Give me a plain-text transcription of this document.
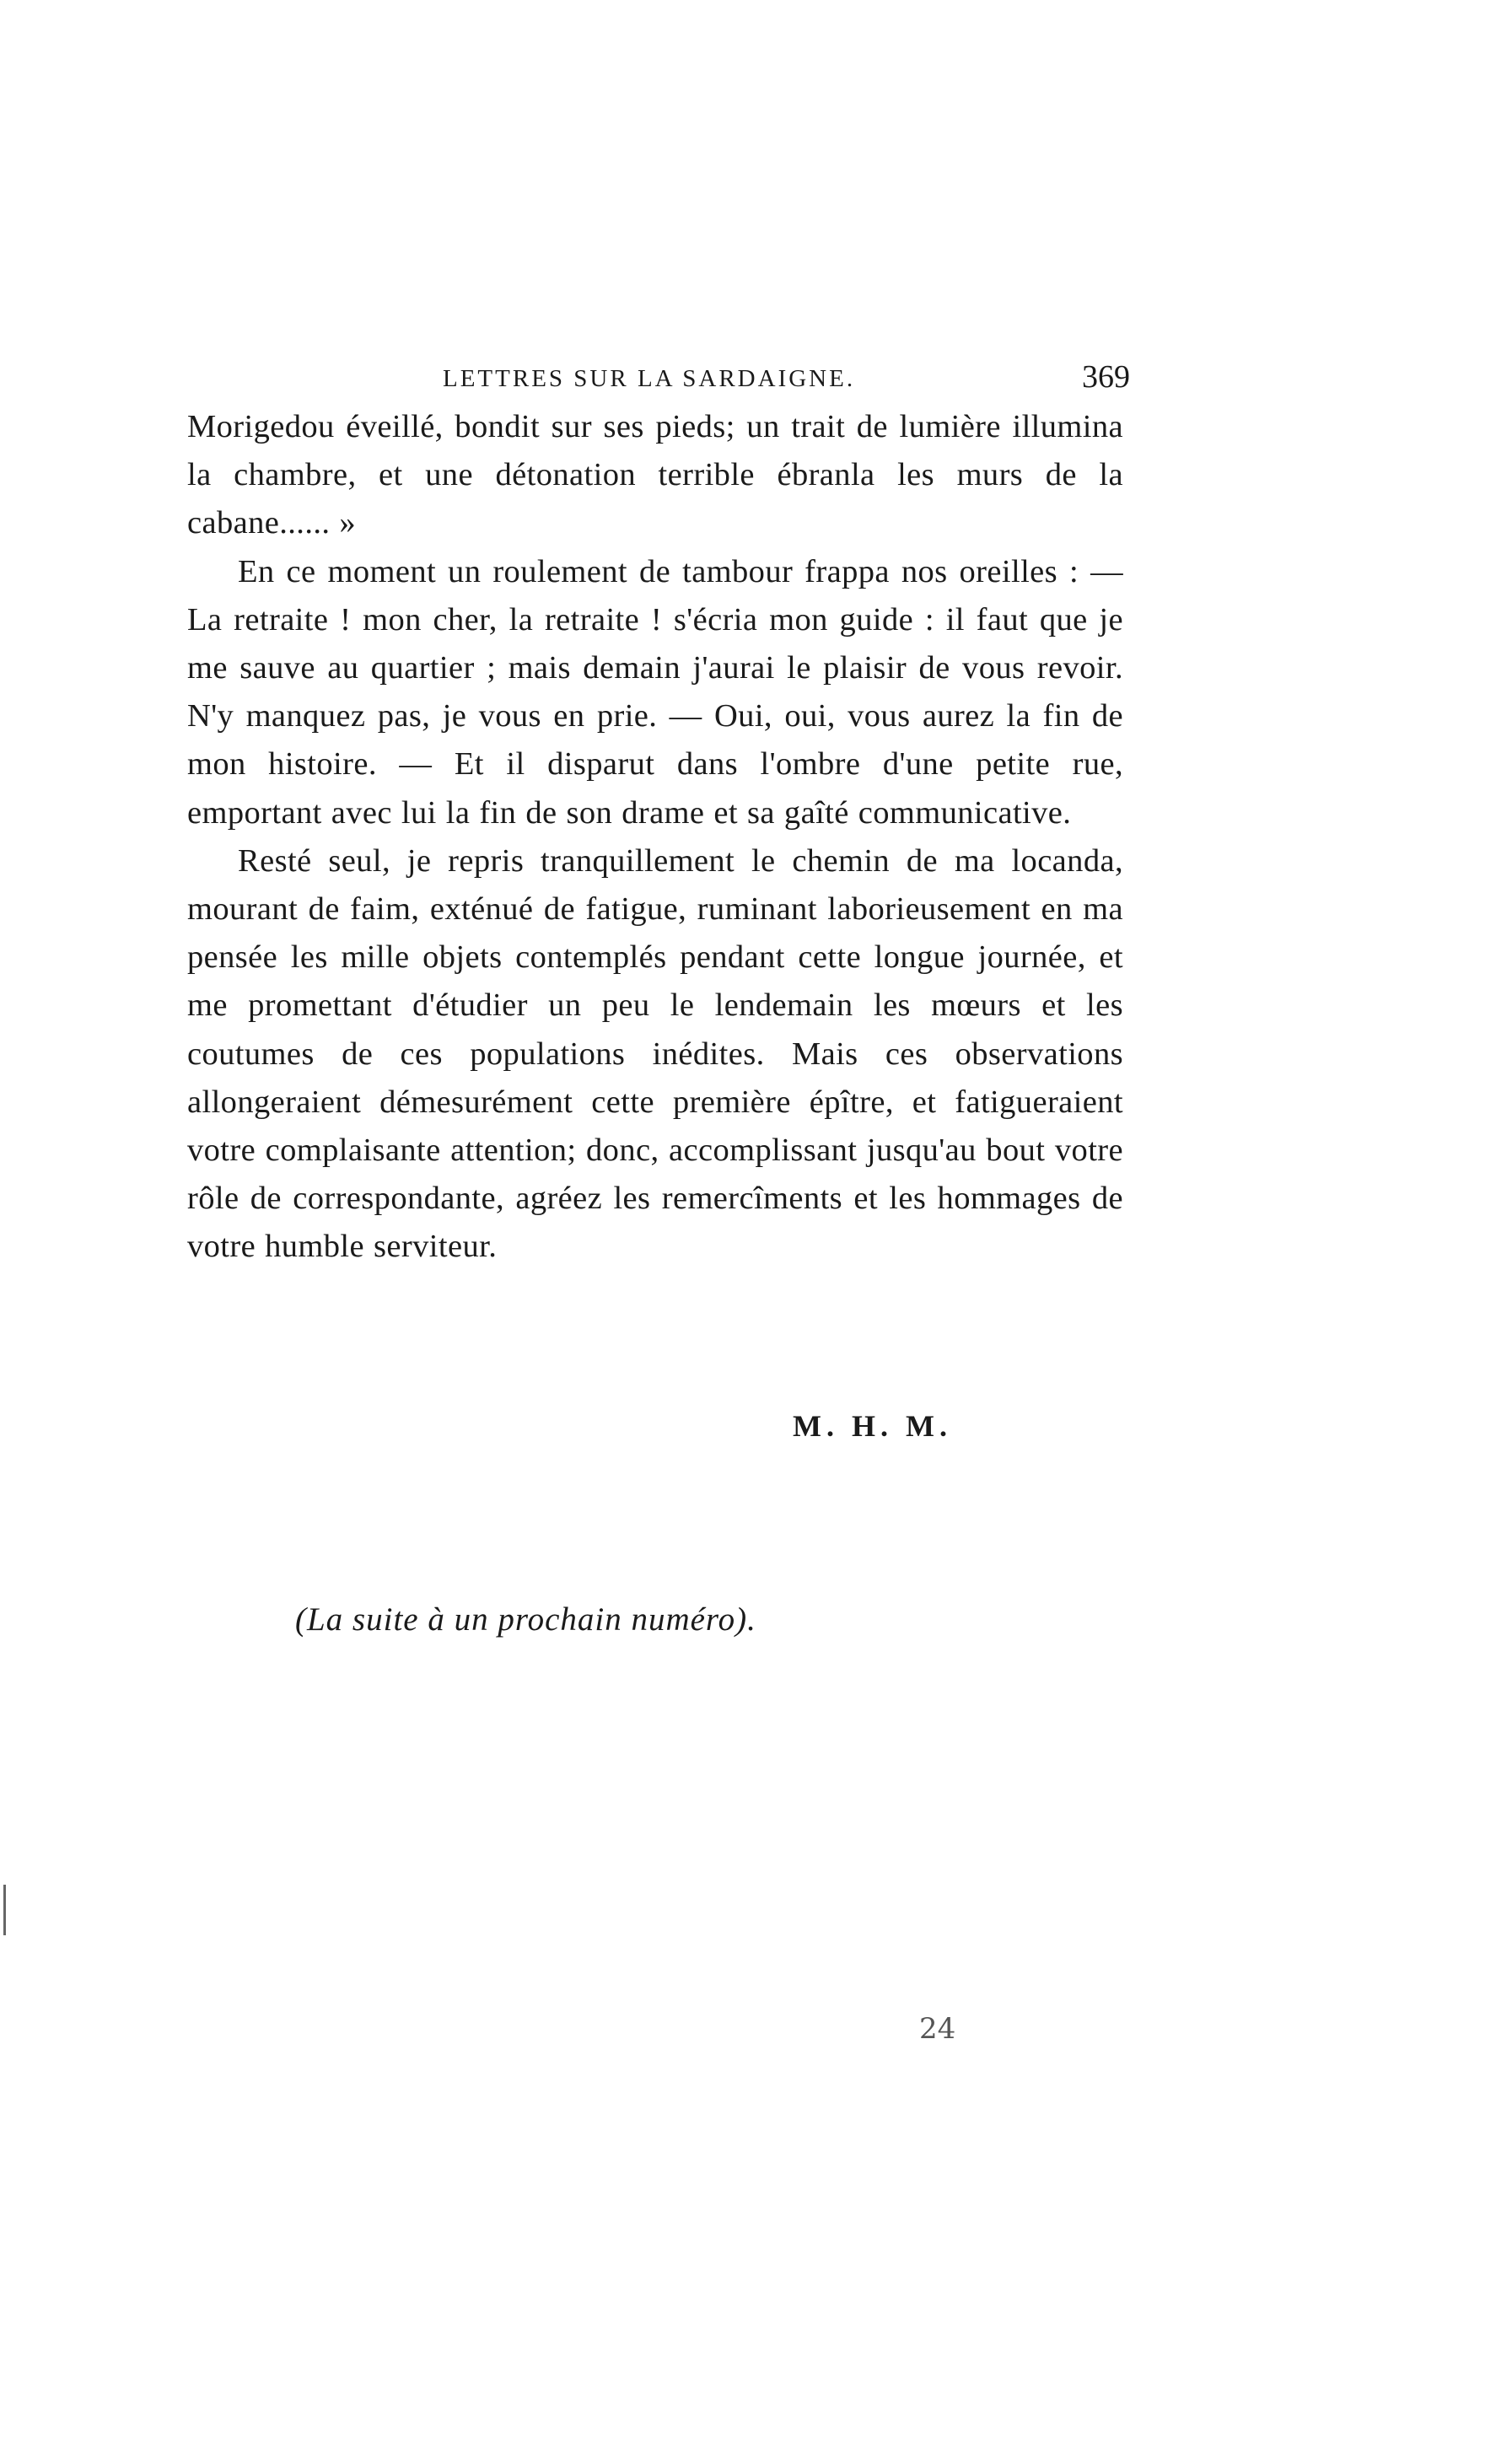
LETTRES SUR LA SARDAIGNE.	369

Morigedou éveillé, bondit sur ses pieds; un trait de lumière illumina la chambre, et une détonation terrible ébranla les murs de la cabane...... »

En ce moment un roulement de tambour frappa nos oreilles : —La retraite ! mon cher, la retraite ! s'écria mon guide : il faut que je me sauve au quartier ; mais demain j'aurai le plaisir de vous revoir. N'y manquez pas, je vous en prie. — Oui, oui, vous aurez la fin de mon histoire. — Et il disparut dans l'ombre d'une petite rue, emportant avec lui la fin de son drame et sa gaîté communicative.

Resté seul, je repris tranquillement le chemin de ma locanda, mourant de faim, exténué de fatigue, ruminant laborieusement en ma pensée les mille objets contemplés pendant cette longue journée, et me promettant d'étudier un peu le lendemain les mœurs et les coutumes de ces populations inédites. Mais ces observations allongeraient démesurément cette première épître, et fatigueraient votre complaisante attention; donc, accomplissant jusqu'au bout votre rôle de correspondante, agréez les remercîments et les hommages de votre humble serviteur.

M. H. M.
(La suite à un prochain numéro).
24
